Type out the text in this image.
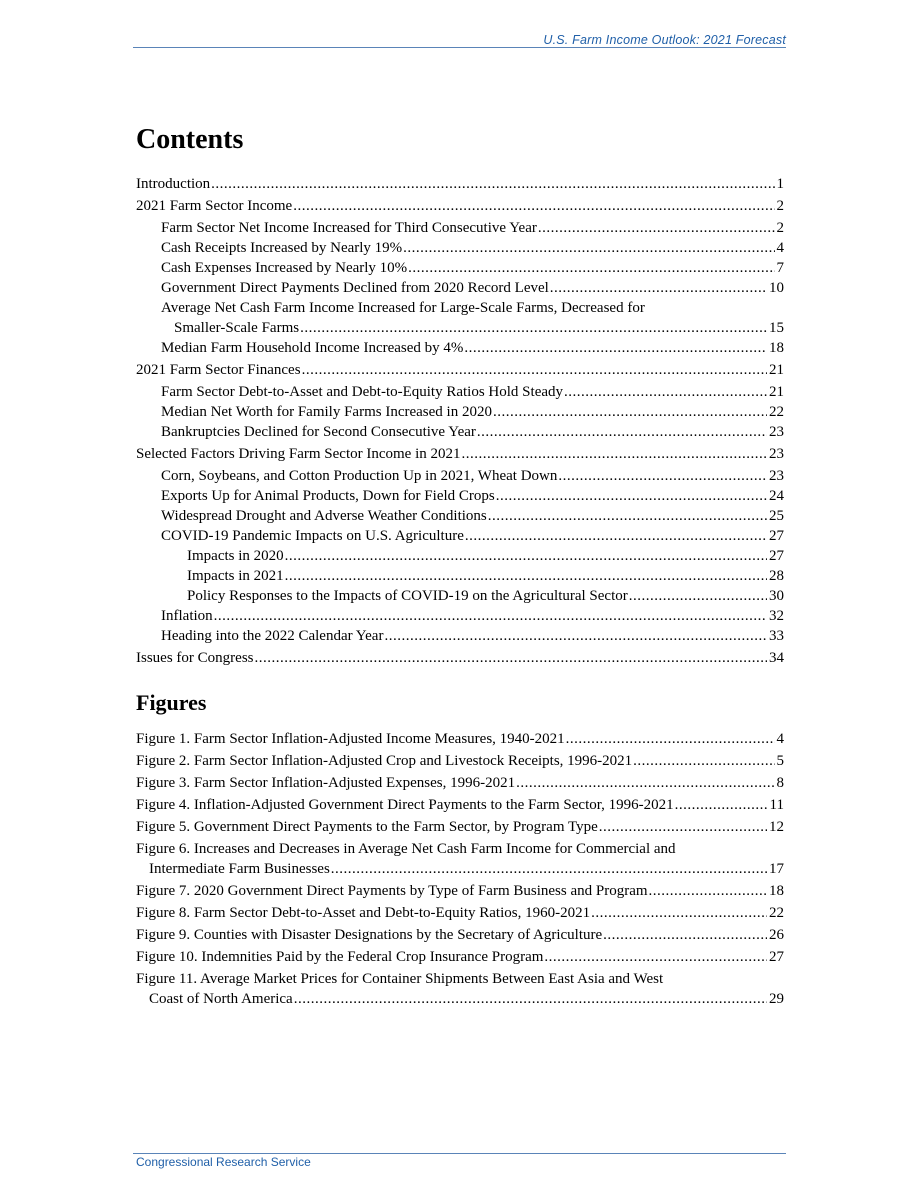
U.S. Farm Income Outlook: 2021 Forecast
Contents
Introduction .....	1
2021 Farm Sector Income .....	2
Farm Sector Net Income Increased for Third Consecutive Year .....	2
Cash Receipts Increased by Nearly 19% .....	4
Cash Expenses Increased by Nearly 10% .....	7
Government Direct Payments Declined from 2020 Record Level .....	10
Average Net Cash Farm Income Increased for Large-Scale Farms, Decreased for
Smaller-Scale Farms .....	15
Median Farm Household Income Increased by 4% .....	18
2021 Farm Sector Finances .....	21
Farm Sector Debt-to-Asset and Debt-to-Equity Ratios Hold Steady .....	21
Median Net Worth for Family Farms Increased in 2020 .....	22
Bankruptcies Declined for Second Consecutive Year .....	23
Selected Factors Driving Farm Sector Income in 2021 .....	23
Corn, Soybeans, and Cotton Production Up in 2021, Wheat Down .....	23
Exports Up for Animal Products, Down for Field Crops .....	24
Widespread Drought and Adverse Weather Conditions .....	25
COVID-19 Pandemic Impacts on U.S. Agriculture .....	27
Impacts in 2020 .....	27
Impacts in 2021 .....	28
Policy Responses to the Impacts of COVID-19 on the Agricultural Sector .....	30
Inflation .....	32
Heading into the 2022 Calendar Year .....	33
Issues for Congress .....	34
Figures
Figure 1. Farm Sector Inflation-Adjusted Income Measures, 1940-2021 .....	4
Figure 2. Farm Sector Inflation-Adjusted Crop and Livestock Receipts, 1996-2021 .....	5
Figure 3. Farm Sector Inflation-Adjusted Expenses, 1996-2021 .....	8
Figure 4. Inflation-Adjusted Government Direct Payments to the Farm Sector, 1996-2021 .....	11
Figure 5. Government Direct Payments to the Farm Sector, by Program Type .....	12
Figure 6. Increases and Decreases in Average Net Cash Farm Income for Commercial and
Intermediate Farm Businesses .....	17
Figure 7. 2020 Government Direct Payments by Type of Farm Business and Program .....	18
Figure 8. Farm Sector Debt-to-Asset and Debt-to-Equity Ratios, 1960-2021 .....	22
Figure 9. Counties with Disaster Designations by the Secretary of Agriculture .....	26
Figure 10. Indemnities Paid by the Federal Crop Insurance Program .....	27
Figure 11. Average Market Prices for Container Shipments Between East Asia and West
Coast of North America .....	29
Congressional Research Service
